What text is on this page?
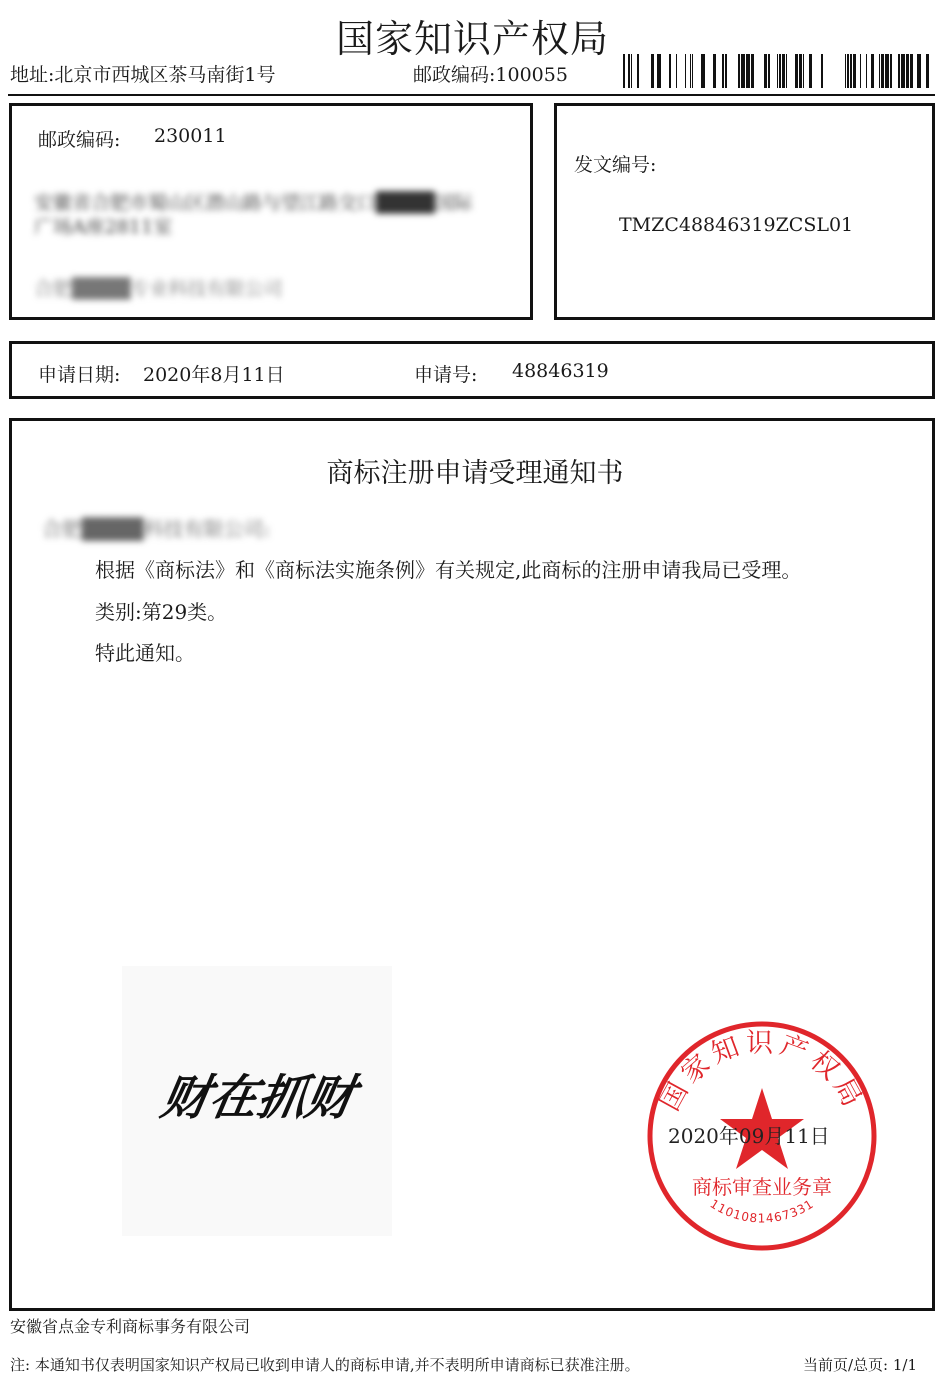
国家知识产权局
地址:北京市西城区茶马南街1号	邮政编码:100055
邮政编码: 230011
安徽省合肥市蜀山区潜山路与望江路交口████国际
广场A座2811室
合肥████专业科技有限公司
发文编号:
TMZC48846319ZCSL01
申请日期: 2020年8月11日	申请号: 48846319
商标注册申请受理通知书
合肥████科技有限公司:
根据《商标法》和《商标法实施条例》有关规定,此商标的注册申请我局已受理。
类别:第29类。
特此通知。
财在抓财	国家知识产权局
商标审查业务章
1101081467331
2020年09月11日
安徽省点金专利商标事务有限公司
注: 本通知书仅表明国家知识产权局已收到申请人的商标申请,并不表明所申请商标已获准注册。	当前页/总页: 1/1
